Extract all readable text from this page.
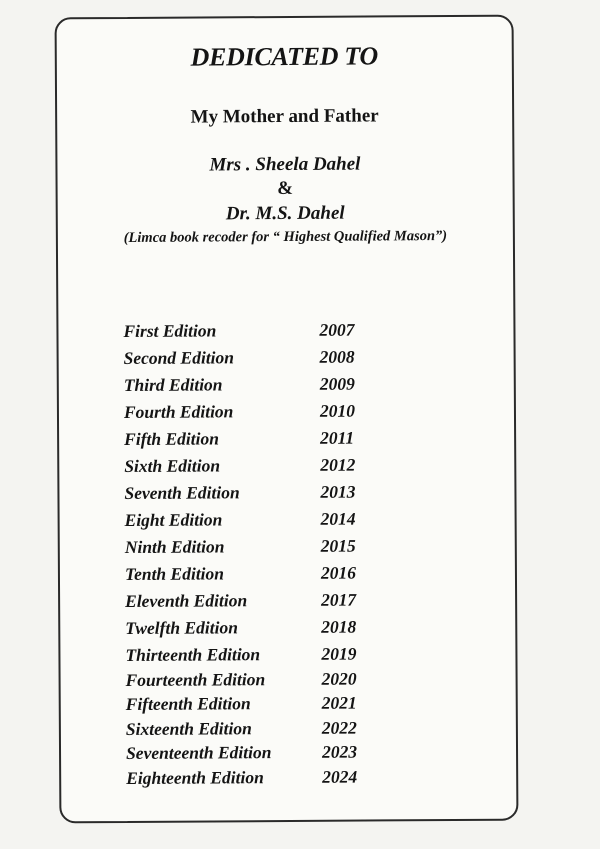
DEDICATED TO
My Mother and Father
Mrs . Sheela Dahel
&
Dr. M.S. Dahel
(Limca book recoder for “ Highest Qualified Mason”)
First Edition	2007
Second Edition	2008
Third Edition	2009
Fourth Edition	2010
Fifth Edition	2011
Sixth Edition	2012
Seventh Edition	2013
Eight Edition	2014
Ninth Edition	2015
Tenth Edition	2016
Eleventh Edition	2017
Twelfth Edition	2018
Thirteenth Edition	2019
Fourteenth Edition	2020
Fifteenth Edition	2021
Sixteenth Edition	2022
Seventeenth Edition	2023
Eighteenth Edition	2024
